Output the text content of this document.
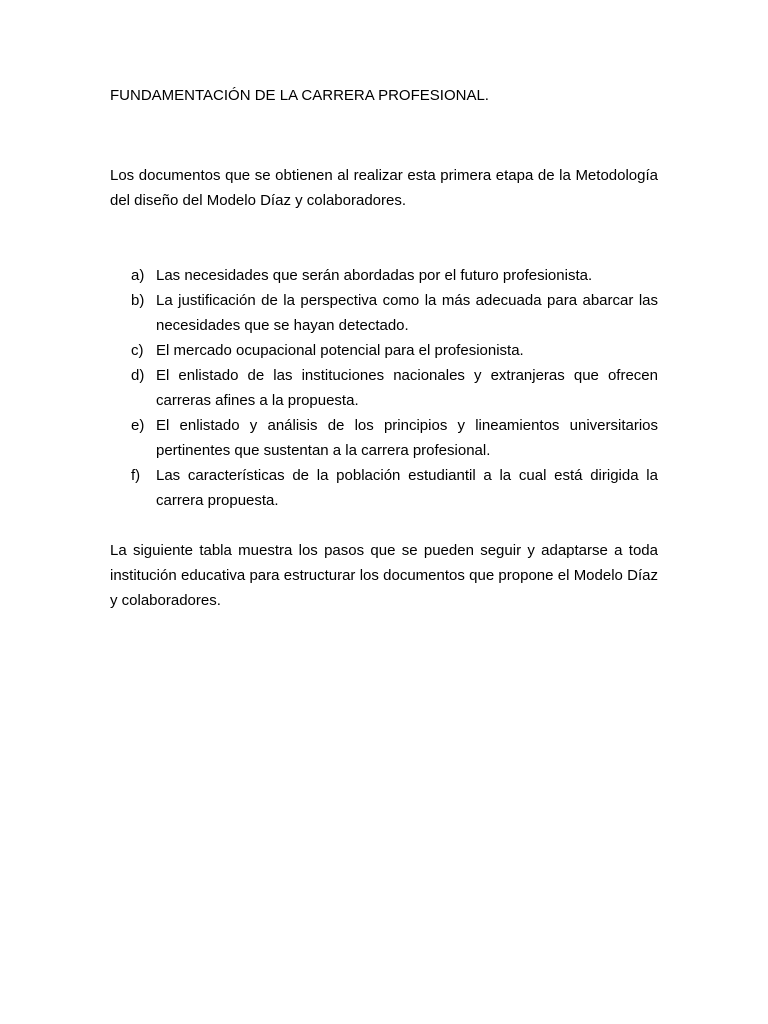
FUNDAMENTACIÓN DE LA CARRERA PROFESIONAL.

Los documentos que se obtienen al realizar esta primera etapa de la Metodología del diseño del Modelo Díaz y colaboradores.

a) Las necesidades que serán abordadas por el futuro profesionista.
b) La justificación de la perspectiva como la más adecuada para abarcar las necesidades que se hayan detectado.
c) El mercado ocupacional potencial para el profesionista.
d) El enlistado de las instituciones nacionales y extranjeras que ofrecen carreras afines a la propuesta.
e) El enlistado y análisis de los principios y lineamientos universitarios pertinentes que sustentan a la carrera profesional.
f) Las características de la población estudiantil a la cual está dirigida la carrera propuesta.

La siguiente tabla muestra los pasos que se pueden seguir y adaptarse a toda institución educativa para estructurar los documentos que propone el Modelo Díaz y colaboradores.
